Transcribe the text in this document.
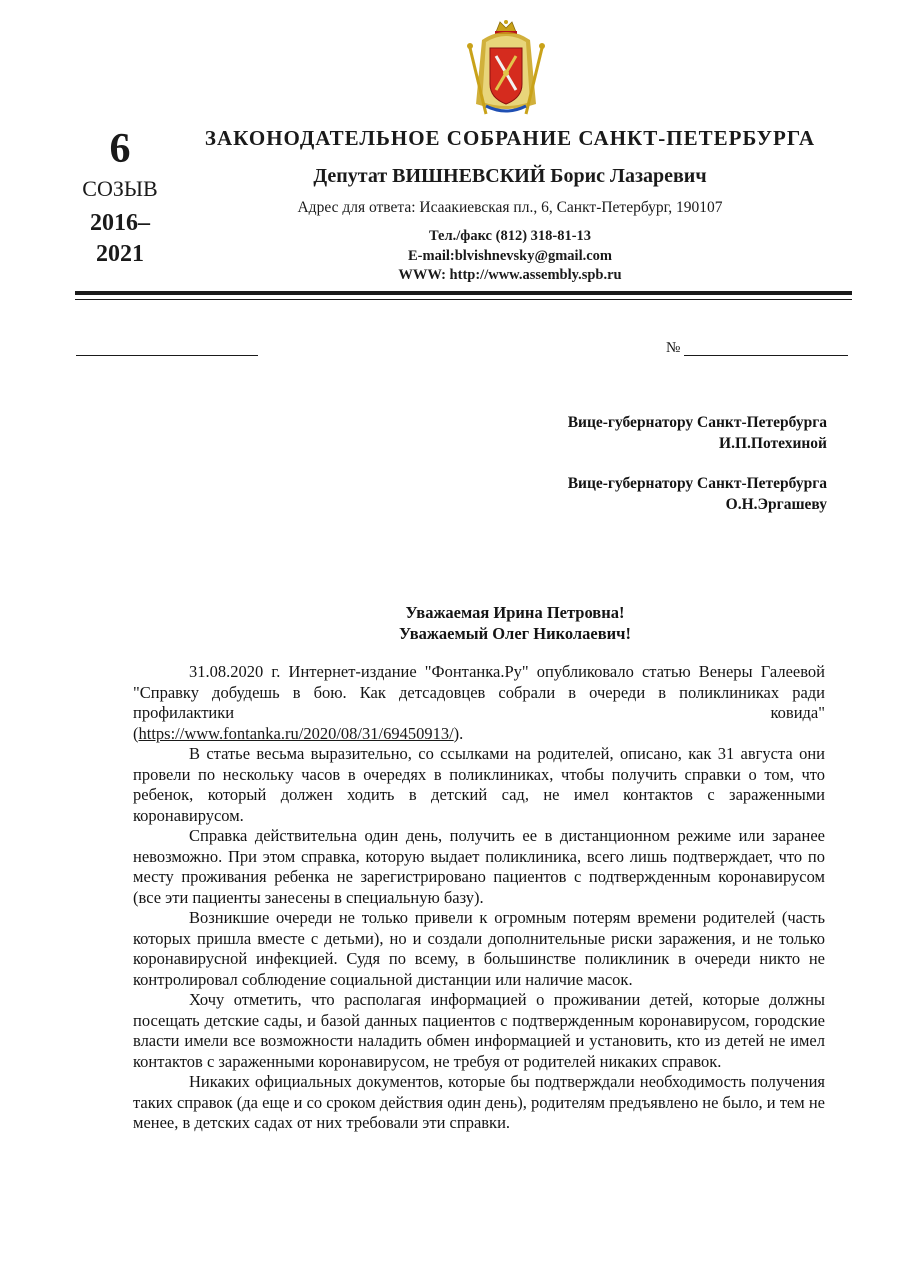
6
СОЗЫВ
2016–
2021
ЗАКОНОДАТЕЛЬНОЕ СОБРАНИЕ САНКТ-ПЕТЕРБУРГА
Депутат ВИШНЕВСКИЙ Борис Лазаревич
Адрес для ответа: Исаакиевская пл., 6, Санкт-Петербург, 190107
Тел./факс (812) 318-81-13
E-mail:blvishnevsky@gmail.com
WWW: http://www.assembly.spb.ru
№
Вице-губернатору Санкт-Петербурга
И.П.Потехиной
Вице-губернатору Санкт-Петербурга
О.Н.Эргашеву
Уважаемая Ирина Петровна!
Уважаемый Олег Николаевич!

31.08.2020 г. Интернет-издание "Фонтанка.Ру" опубликовало статью Венеры Галеевой "Справку добудешь в бою. Как детсадовцев собрали в очереди в поликлиниках ради профилактики ковида"

(https://www.fontanka.ru/2020/08/31/69450913/).

В статье весьма выразительно, со ссылками на родителей, описано, как 31 августа они провели по нескольку часов в очередях в поликлиниках, чтобы получить справки о том, что ребенок, который должен ходить в детский сад, не имел контактов с зараженными коронавирусом.

Справка действительна один день, получить ее в дистанционном режиме или заранее невозможно. При этом справка, которую выдает поликлиника, всего лишь подтверждает, что по месту проживания ребенка не зарегистрировано пациентов с подтвержденным коронавирусом (все эти пациенты занесены в специальную базу).

Возникшие очереди не только привели к огромным потерям времени родителей (часть которых пришла вместе с детьми), но и создали дополнительные риски заражения, и не только коронавирусной инфекцией. Судя по всему, в большинстве поликлиник в очереди никто не контролировал соблюдение социальной дистанции или наличие масок.

Хочу отметить, что располагая информацией о проживании детей, которые должны посещать детские сады, и базой данных пациентов с подтвержденным коронавирусом, городские власти имели все возможности наладить обмен информацией и установить, кто из детей не имел контактов с зараженными коронавирусом, не требуя от родителей никаких справок.

Никаких официальных документов, которые бы подтверждали необходимость получения таких справок (да еще и со сроком действия один день), родителям предъявлено не было, и тем не менее, в детских садах от них требовали эти справки.
